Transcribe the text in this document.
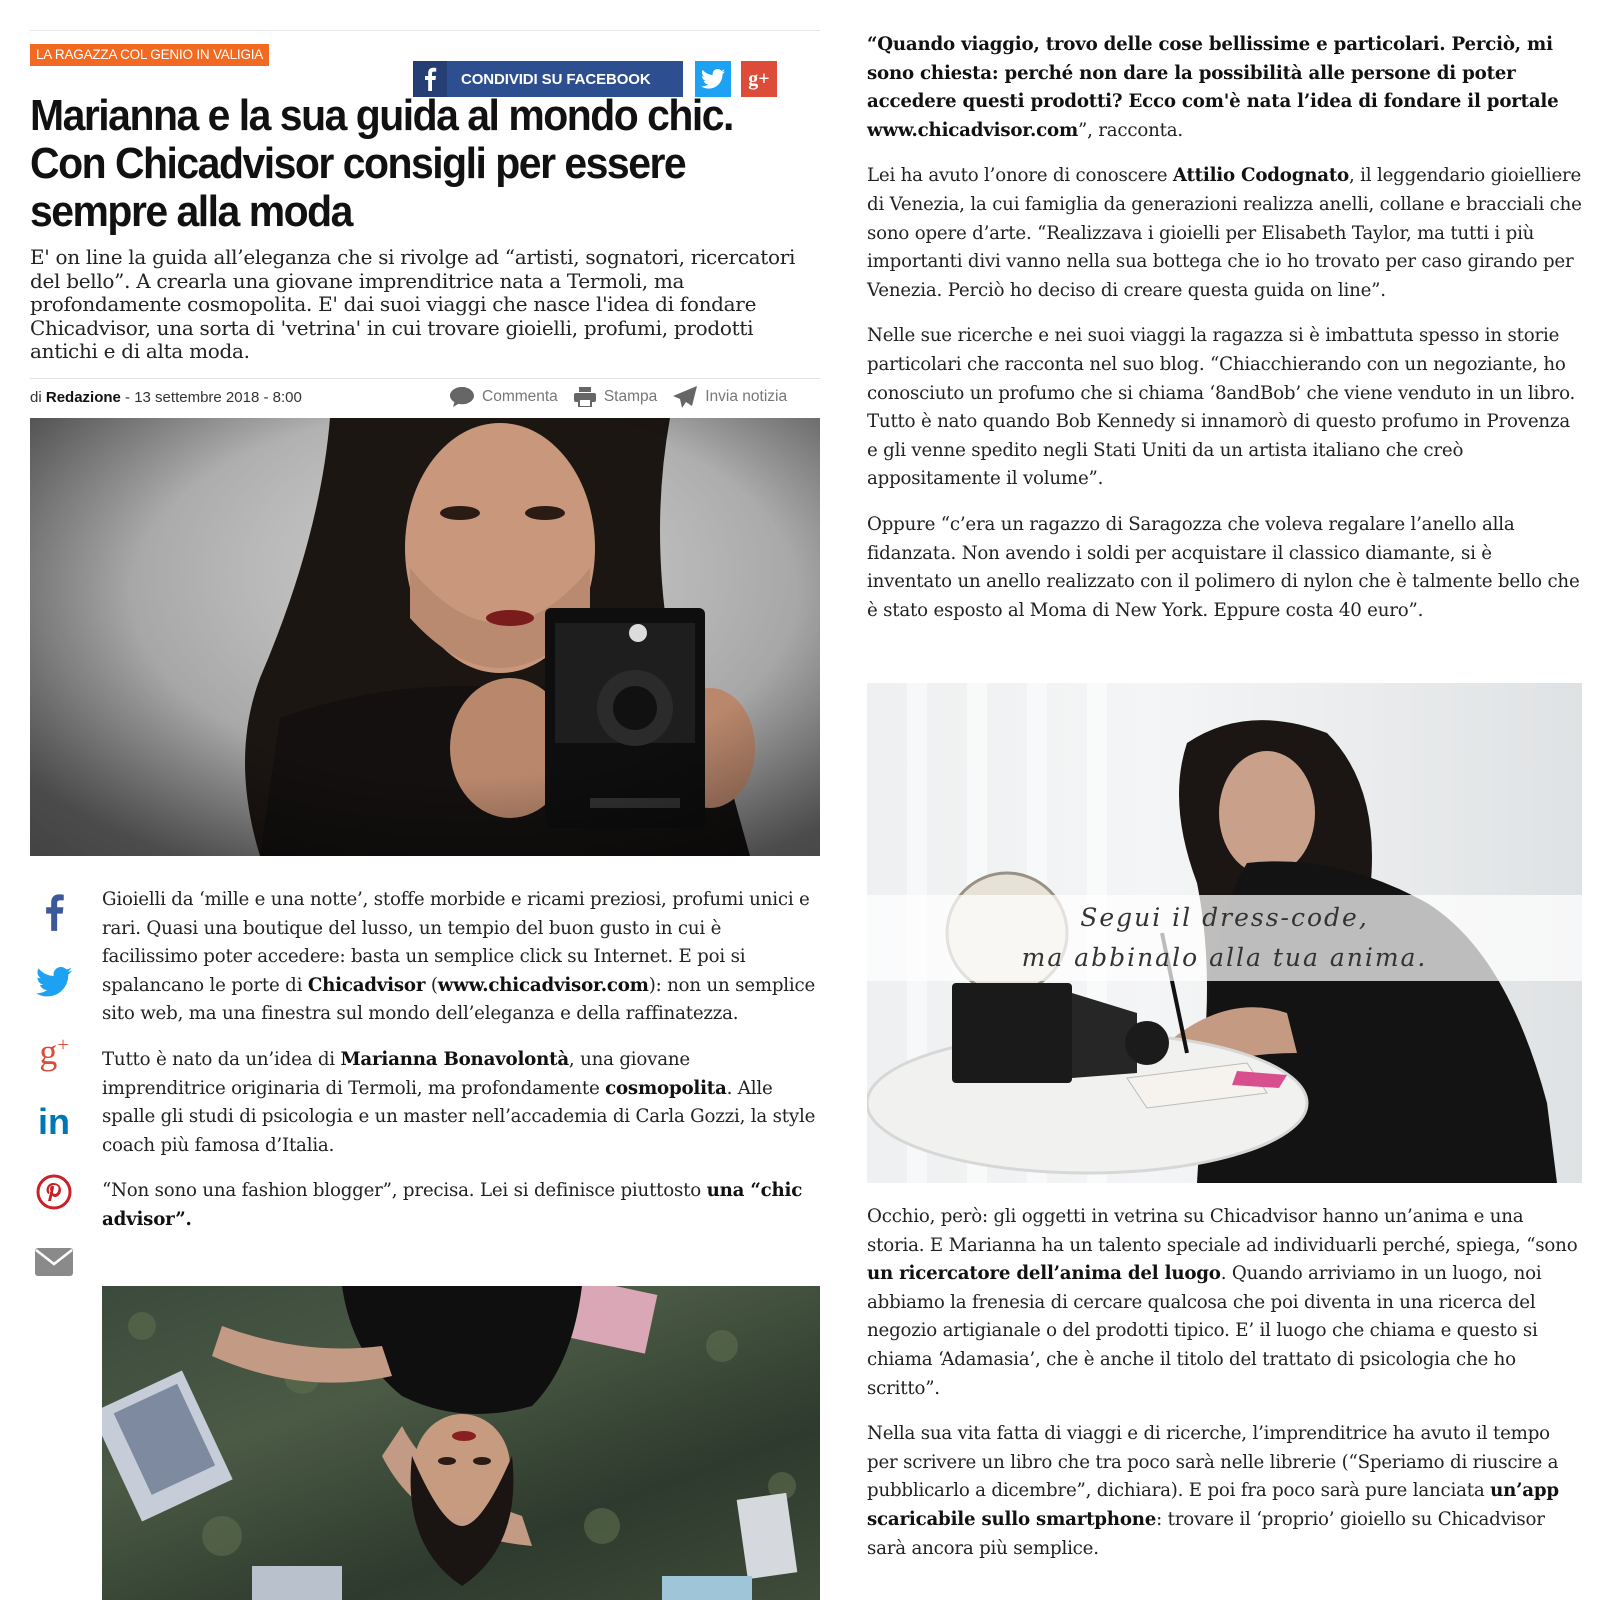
LA RAGAZZA COL GENIO IN VALIGIA
CONDIVIDI SU FACEBOOK	g+
Marianna e la sua guida al mondo chic. Con Chicadvisor consigli per essere sempre alla moda

E' on line la guida all’eleganza che si rivolge ad “artisti, sognatori, ricercatori del bello”. A crearla una giovane imprenditrice nata a Termoli, ma profondamente cosmopolita. E' dai suoi viaggi che nasce l'idea di fondare Chicadvisor, una sorta di 'vetrina' in cui trovare gioielli, profumi, prodotti antichi e di alta moda.

di Redazione - 13 settembre 2018 - 8:00	Commenta	Stampa	Invia notizia
g+
in

Gioielli da ‘mille e una notte’, stoffe morbide e ricami preziosi, profumi unici e rari. Quasi una boutique del lusso, un tempio del buon gusto in cui è facilissimo poter accedere: basta un semplice click su Internet. E poi si spalancano le porte di Chicadvisor (www.chicadvisor.com): non un semplice sito web, ma una finestra sul mondo dell’eleganza e della raffinatezza.

Tutto è nato da un’idea di Marianna Bonavolontà, una giovane imprenditrice originaria di Termoli, ma profondamente cosmopolita. Alle spalle gli studi di psicologia e un master nell’accademia di Carla Gozzi, la style coach più famosa d’Italia.

“Non sono una fashion blogger”, precisa. Lei si definisce piuttosto una “chic advisor”.

“Quando viaggio, trovo delle cose bellissime e particolari. Perciò, mi sono chiesta: perché non dare la possibilità alle persone di poter accedere questi prodotti? Ecco com'è nata l’idea di fondare il portale www.chicadvisor.com”, racconta.

Lei ha avuto l’onore di conoscere Attilio Codognato, il leggendario gioielliere di Venezia, la cui famiglia da generazioni realizza anelli, collane e bracciali che sono opere d’arte. “Realizzava i gioielli per Elisabeth Taylor, ma tutti i più importanti divi vanno nella sua bottega che io ho trovato per caso girando per Venezia. Perciò ho deciso di creare questa guida on line”.

Nelle sue ricerche e nei suoi viaggi la ragazza si è imbattuta spesso in storie particolari che racconta nel suo blog. “Chiacchierando con un negoziante, ho conosciuto un profumo che si chiama ‘8andBob’ che viene venduto in un libro. Tutto è nato quando Bob Kennedy si innamorò di questo profumo in Provenza e gli venne spedito negli Stati Uniti da un artista italiano che creò appositamente il volume”.

Oppure “c’era un ragazzo di Saragozza che voleva regalare l’anello alla fidanzata. Non avendo i soldi per acquistare il classico diamante, si è inventato un anello realizzato con il polimero di nylon che è talmente bello che è stato esposto al Moma di New York. Eppure costa 40 euro”.

Segui il dress-code,
ma abbinalo alla tua anima.

Occhio, però: gli oggetti in vetrina su Chicadvisor hanno un’anima e una storia. E Marianna ha un talento speciale ad individuarli perché, spiega, “sono un ricercatore dell’anima del luogo. Quando arriviamo in un luogo, noi abbiamo la frenesia di cercare qualcosa che poi diventa in una ricerca del negozio artigianale o del prodotti tipico. E’ il luogo che chiama e questo si chiama ‘Adamasia’, che è anche il titolo del trattato di psicologia che ho scritto”.

Nella sua vita fatta di viaggi e di ricerche, l’imprenditrice ha avuto il tempo per scrivere un libro che tra poco sarà nelle librerie (“Speriamo di riuscire a pubblicarlo a dicembre”, dichiara). E poi fra poco sarà pure lanciata un’app scaricabile sullo smartphone: trovare il ‘proprio’ gioiello su Chicadvisor sarà ancora più semplice.
